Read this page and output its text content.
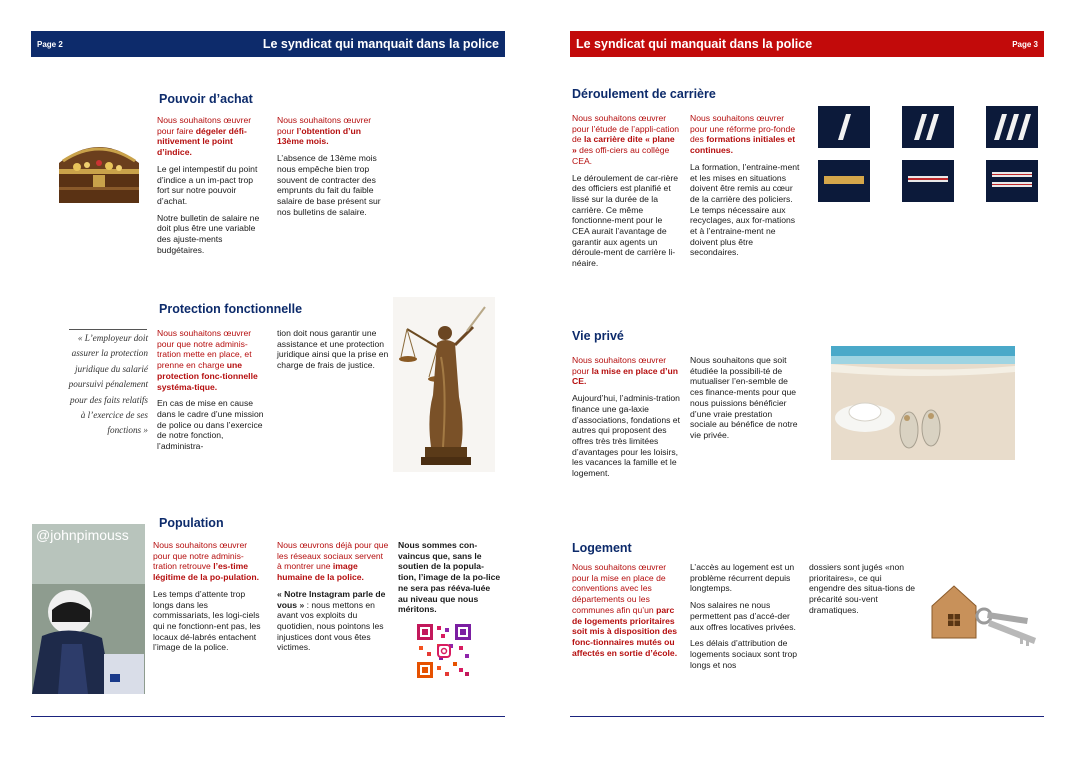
Page 2	Le syndicat qui manquait dans la police
Pouvoir d’achat

Nous souhaitons œuvrer pour faire dégeler défi-nitivement le point d’indice.

Le gel intempestif du point d’indice a un im-pact trop fort sur notre pouvoir d’achat.

Notre bulletin de salaire ne doit plus être une variable des ajuste-ments budgétaires.

Nous souhaitons œuvrer pour l’obtention d’un 13ème mois.

L’absence de 13ème mois nous empêche bien trop souvent de contracter des emprunts du fait du faible salaire de base présent sur nos bulletins de salaire.

Protection fonctionnelle
« L’employeur doit assurer la protection juridique du salarié poursuivi pénalement pour des faits relatifs à l’exercice de ses fonctions »

Nous souhaitons œuvrer pour que notre adminis-tration mette en place, et prenne en charge une protection fonc-tionnelle systéma-tique.

En cas de mise en cause dans le cadre d’une mission de police ou dans l’exercice de notre fonction, l’administra-

tion doit nous garantir une assistance et une protection juridique ainsi que la prise en charge de frais de justice.

Population
@johnpimouss

Nous souhaitons œuvrer pour que notre adminis-tration retrouve l’es-time légitime de la po-pulation.

Les temps d’attente trop longs dans les commissariats, les logi-ciels qui ne fonctionn-ent pas, les locaux dé-labrés entachent l’image de la police.

Nous œuvrons déjà pour que les réseaux sociaux servent à montrer une image humaine de la police.

« Notre Instagram parle de vous » : nous mettons en avant vos exploits du quotidien, nous pointons les injustices dont vous êtes victimes.

Nous sommes con-vaincus que, sans le soutien de la popula-tion, l’image de la po-lice ne sera pas rééva-luée au niveau que nous méritons.
Le syndicat qui manquait dans la police	Page 3
Déroulement de carrière

Nous souhaitons œuvrer pour l’étude de l’appli-cation de la carrière dite « plane » des offi-ciers au collège CEA.

Le déroulement de car-rière des officiers est planifié et lissé sur la durée de la carrière. Ce même fonctionne-ment pour le CEA aurait l’avantage de garantir aux agents un déroule-ment de carrière li-néaire.

Nous souhaitons œuvrer pour une réforme pro-fonde des formations initiales et continues.

La formation, l’entraine-ment et les mises en situations doivent être remis au cœur de la carrière des policiers. Le temps nécessaire aux recyclages, aux for-mations et à l’entraine-ment ne doivent plus être secondaires.

Vie privé

Nous souhaitons œuvrer pour la mise en place d’un CE.

Aujourd’hui, l’adminis-tration finance une ga-laxie d’associations, fondations et autres qui proposent des offres très très limitées d’avantages pour les loisirs, les vacances la famille et le logement.

Nous souhaitons que soit étudiée la possibili-té de mutualiser l’en-semble de ces finance-ments pour que nous puissions bénéficier d’une vraie prestation sociale au bénéfice de notre vie privée.

Logement

Nous souhaitons œuvrer pour la mise en place de conventions avec les départements ou les communes afin qu’un parc de logements prioritaires soit mis à disposition des fonc-tionnaires mutés ou affectés en sortie d’école.

L’accès au logement est un problème récurrent depuis longtemps.

Nos salaires ne nous permettent pas d’accé-der aux offres locatives privées.

Les délais d’attribution de logements sociaux sont trop longs et nos

dossiers sont jugés «non prioritaires», ce qui engendre des situa-tions de précarité sou-vent dramatiques.
